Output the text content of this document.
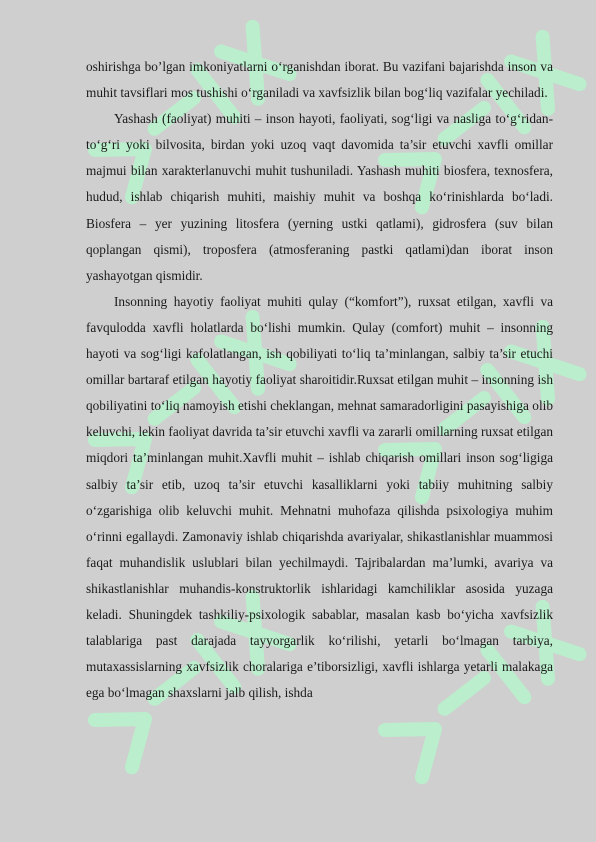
oshirishga bo’lgan imkoniyatlarni o‘rganishdan iborat. Bu vazifani bajarishda inson va muhit tavsiflari mos tushishi o‘rganiladi va xavfsizlik bilan bog‘liq vazifalar yechiladi.

Yashash (faoliyat) muhiti – inson hayoti, faoliyati, sog‘ligi va nasliga to‘g‘ridan-to‘g‘ri yoki bilvosita, birdan yoki uzoq vaqt davomida ta’sir etuvchi xavfli omillar majmui bilan xarakterlanuvchi muhit tushuniladi. Yashash muhiti biosfera, texnosfera, hudud, ishlab chiqarish muhiti, maishiy muhit va boshqa ko‘rinishlarda bo‘ladi. Biosfera – yer yuzining litosfera (yerning ustki qatlami), gidrosfera (suv bilan qoplangan qismi), troposfera (atmosferaning pastki qatlami)dan iborat inson yashayotgan qismidir.

Insonning hayotiy faoliyat muhiti qulay (“komfort”), ruxsat etilgan, xavfli va favqulodda xavfli holatlarda bo‘lishi mumkin. Qulay (comfort) muhit – insonning hayoti va sog‘ligi kafolatlangan, ish qobiliyati to‘liq ta’minlangan, salbiy ta’sir etuchi omillar bartaraf etilgan hayotiy faoliyat sharoitidir.Ruxsat etilgan muhit – insonning ish qobiliyatini to‘liq namoyish etishi cheklangan, mehnat samaradorligini pasayishiga olib keluvchi, lekin faoliyat davrida ta’sir etuvchi xavfli va zararli omillarning ruxsat etilgan miqdori ta’minlangan muhit.Xavfli muhit – ishlab chiqarish omillari inson sog‘ligiga salbiy ta’sir etib, uzoq ta’sir etuvchi kasalliklarni yoki tabiiy muhitning salbiy o‘zgarishiga olib keluvchi muhit. Mehnatni muhofaza qilishda psixologiya muhim o‘rinni egallaydi. Zamonaviy ishlab chiqarishda avariyalar, shikastlanishlar muammosi faqat muhandislik uslublari bilan yechilmaydi. Tajribalardan ma’lumki, avariya va shikastlanishlar muhandis-konstruktorlik ishlaridagi kamchiliklar asosida yuzaga keladi. Shuningdek tashkiliy-psixologik sabablar, masalan kasb bo‘yicha xavfsizlik talablariga past darajada tayyorgarlik ko‘rilishi, yetarli bo‘lmagan tarbiya, mutaxassislarning xavfsizlik choralariga e’tiborsizligi, xavfli ishlarga yetarli malakaga ega bo‘lmagan shaxslarni jalb qilish, ishda
